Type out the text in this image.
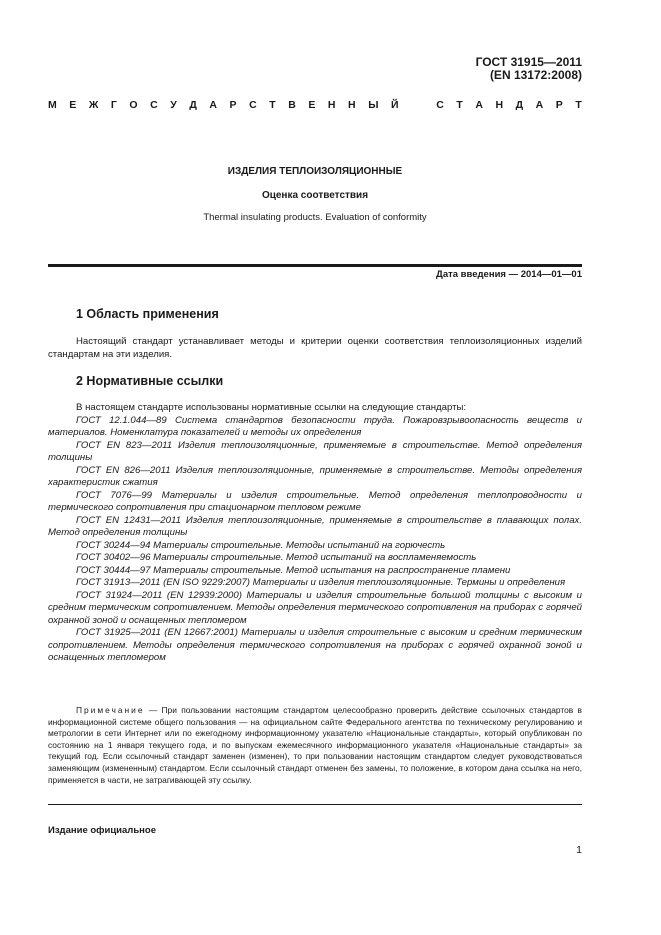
ГОСТ 31915—2011
(EN 13172:2008)
М Е Ж Г О С У Д А Р С Т В Е Н Н Ы Й	С Т А Н Д А Р Т
ИЗДЕЛИЯ ТЕПЛОИЗОЛЯЦИОННЫЕ
Оценка соответствия
Thermal insulating products. Evaluation of conformity
Дата введения — 2014—01—01
1 Область применения
Настоящий стандарт устанавливает методы и критерии оценки соответствия теплоизоляционных изделий стандартам на эти изделия.
2 Нормативные ссылки
В настоящем стандарте использованы нормативные ссылки на следующие стандарты:
ГОСТ 12.1.044—89 Система стандартов безопасности труда. Пожаровзрывоопасность веществ и материалов. Номенклатура показателей и методы их определения
ГОСТ EN 823—2011 Изделия теплоизоляционные, применяемые в строительстве. Метод определения толщины
ГОСТ EN 826—2011 Изделия теплоизоляционные, применяемые в строительстве. Методы определения характеристик сжатия
ГОСТ 7076—99 Материалы и изделия строительные. Метод определения теплопроводности и термического сопротивления при стационарном тепловом режиме
ГОСТ EN 12431—2011 Изделия теплоизоляционные, применяемые в строительстве в плавающих полах. Метод определения толщины
ГОСТ 30244—94 Материалы строительные. Методы испытаний на горючесть
ГОСТ 30402—96 Материалы строительные. Метод испытаний на воспламеняемость
ГОСТ 30444—97 Материалы строительные. Метод испытания на распространение пламени
ГОСТ 31913—2011 (EN ISO 9229:2007) Материалы и изделия теплоизоляционные. Термины и определения
ГОСТ 31924—2011 (EN 12939:2000) Материалы и изделия строительные большой толщины с высоким и средним термическим сопротивлением. Методы определения термического сопротивления на приборах с горячей охранной зоной и оснащенных тепломером
ГОСТ 31925—2011 (EN 12667:2001) Материалы и изделия строительные с высоким и средним термическим сопротивлением. Методы определения термического сопротивления на приборах с горячей охранной зоной и оснащенных тепломером
Примечание — При пользовании настоящим стандартом целесообразно проверить действие ссылочных стандартов в информационной системе общего пользования — на официальном сайте Федерального агентства по техническому регулированию и метрологии в сети Интернет или по ежегодному информационному указателю «Национальные стандарты», который опубликован по состоянию на 1 января текущего года, и по выпускам ежемесячного информационного указателя «Национальные стандарты» за текущий год. Если ссылочный стандарт заменен (изменен), то при пользовании настоящим стандартом следует руководствоваться заменяющим (измененным) стандартом. Если ссылочный стандарт отменен без замены, то положение, в котором дана ссылка на него, применяется в части, не затрагивающей эту ссылку.
Издание официальное
1
